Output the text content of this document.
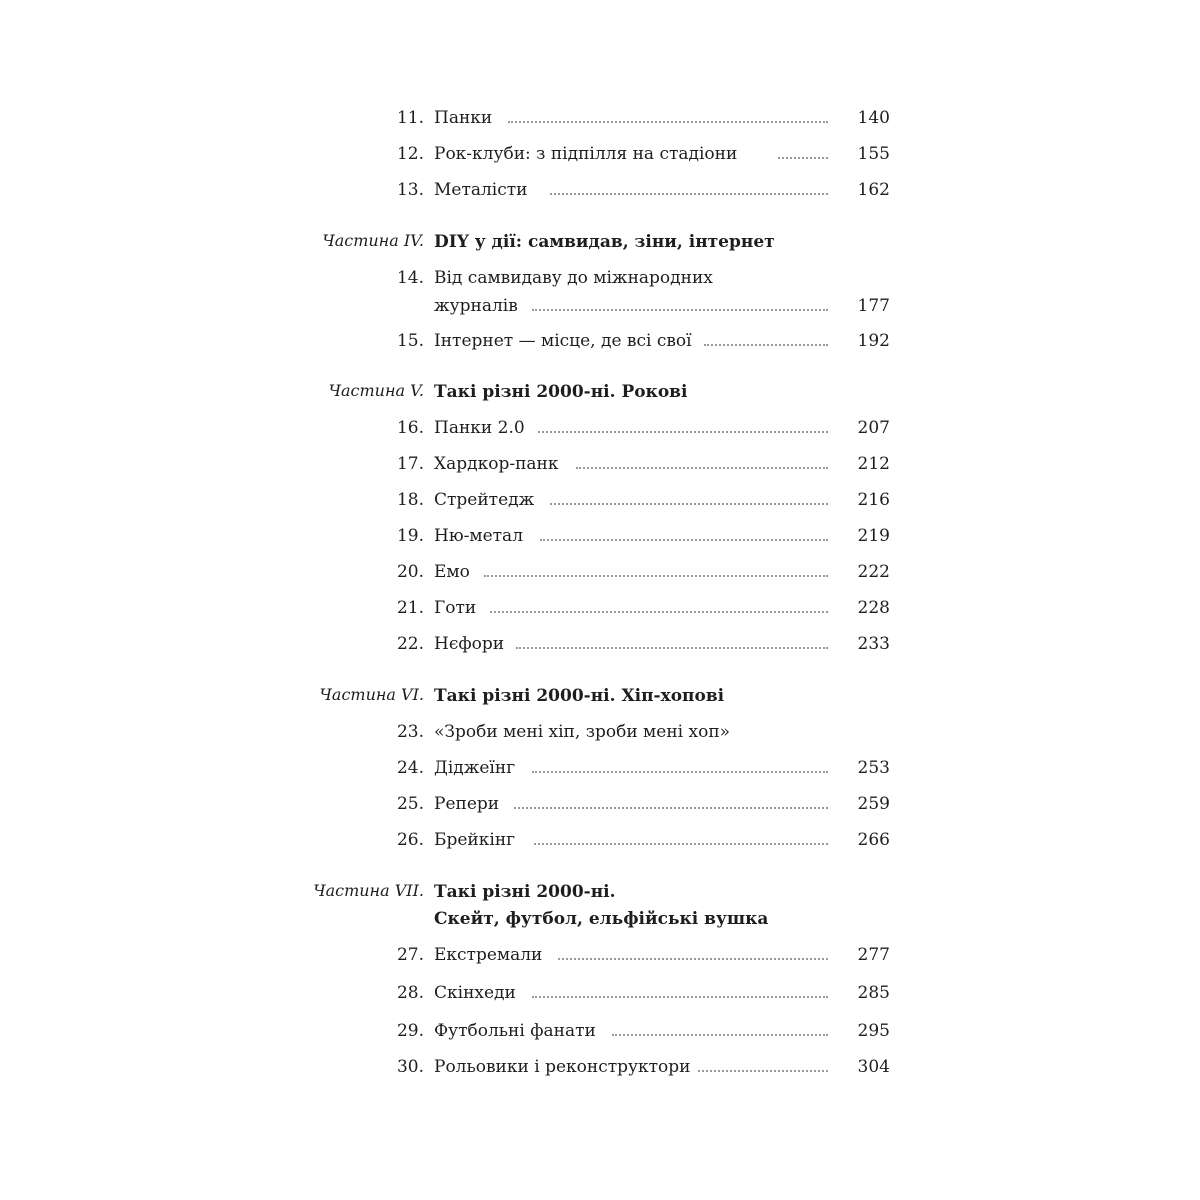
11. Панки	140
12. Рок-клуби: з підпілля на стадіони	155
13. Металісти	162
Частина IV. DIY у дії: самвидав, зіни, інтернет
14. Від самвидаву до міжнародних
журналів	177
15. Інтернет — місце, де всі свої	192
Частина V. Такі різні 2000-ні. Рокові
16. Панки 2.0	207
17. Хардкор-панк	212
18. Стрейтедж	216
19. Ню-метал	219
20. Емо	222
21. Готи	228
22. Нєфори	233
Частина VI. Такі різні 2000-ні. Хіп-хопові
23. «Зроби мені хіп, зроби мені хоп»
24. Діджеїнг	253
25. Репери	259
26. Брейкінг	266
Частина VII. Такі різні 2000-ні.
Скейт, футбол, ельфійські вушка
27. Екстремали	277
28. Скінхеди	285
29. Футбольні фанати	295
30. Рольовики і реконструктори	304
